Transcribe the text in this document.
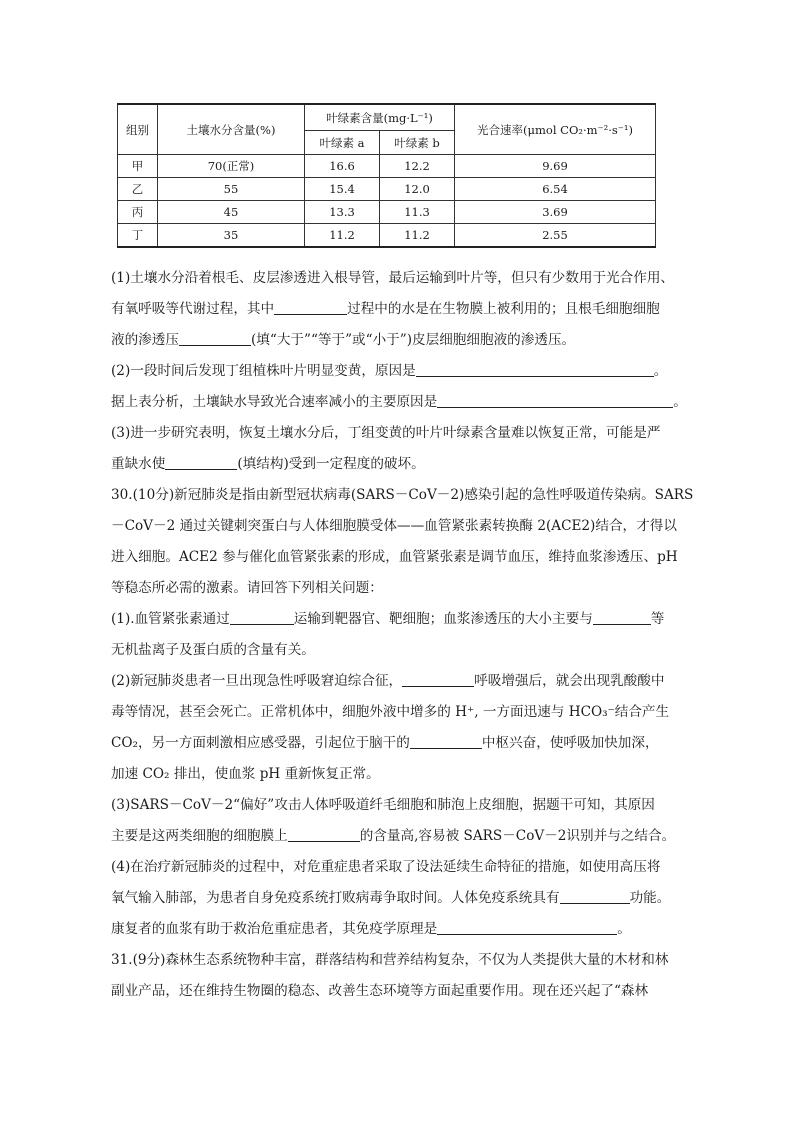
组别	土壤水分含量(%)	叶绿素含量(mg·L⁻¹)		光合速率(μmol CO₂·m⁻²·s⁻¹)
		叶绿素 a	叶绿素 b	
甲	70(正常)	16.6	12.2	9.69
乙	55	15.4	12.0	6.54
丙	45	13.3	11.3	3.69
丁	35	11.2	11.2	2.55

(1)土壤水分沿着根毛、皮层渗透进入根导管，最后运输到叶片等，但只有少数用于光合作用、

有氧呼吸等代谢过程，其中	过程中的水是在生物膜上被利用的；且根毛细胞细胞

液的渗透压	(填“大于”“等于”或“小于”)皮层细胞细胞液的渗透压。

(2)一段时间后发现丁组植株叶片明显变黄，原因是	。

据上表分析，土壤缺水导致光合速率减小的主要原因是	。

(3)进一步研究表明，恢复土壤水分后，丁组变黄的叶片叶绿素含量难以恢复正常，可能是严

重缺水使	(填结构)受到一定程度的破坏。

30.(10分)新冠肺炎是指由新型冠状病毒(SARS－CoV－2)感染引起的急性呼吸道传染病。SARS

－CoV－2 通过关键刺突蛋白与人体细胞膜受体——血管紧张素转换酶 2(ACE2)结合，才得以

进入细胞。ACE2 参与催化血管紧张素的形成，血管紧张素是调节血压，维持血浆渗透压、pH

等稳态所必需的激素。请回答下列相关问题：

(1).血管紧张素通过	运输到靶器官、靶细胞；血浆渗透压的大小主要与	等

无机盐离子及蛋白质的含量有关。

(2)新冠肺炎患者一旦出现急性呼吸窘迫综合征，	呼吸增强后，就会出现乳酸酸中

毒等情况，甚至会死亡。正常机体中，细胞外液中增多的 H⁺, 一方面迅速与 HCO₃⁻结合产生

CO₂，另一方面刺激相应感受器，引起位于脑干的	中枢兴奋，使呼吸加快加深，

加速 CO₂ 排出，使血浆 pH 重新恢复正常。

(3)SARS－CoV－2“偏好”攻击人体呼吸道纤毛细胞和肺泡上皮细胞，据题干可知，其原因

主要是这两类细胞的细胞膜上	的含量高,容易被 SARS－CoV－2识别并与之结合。

(4)在治疗新冠肺炎的过程中，对危重症患者采取了设法延续生命特征的措施，如使用高压将

氧气输入肺部，为患者自身免疫系统打败病毒争取时间。人体免疫系统具有	功能。

康复者的血浆有助于救治危重症患者，其免疫学原理是	。

31.(9分)森林生态系统物种丰富，群落结构和营养结构复杂，不仅为人类提供大量的木材和林

副业产品，还在维持生物圈的稳态、改善生态环境等方面起重要作用。现在还兴起了“森林
